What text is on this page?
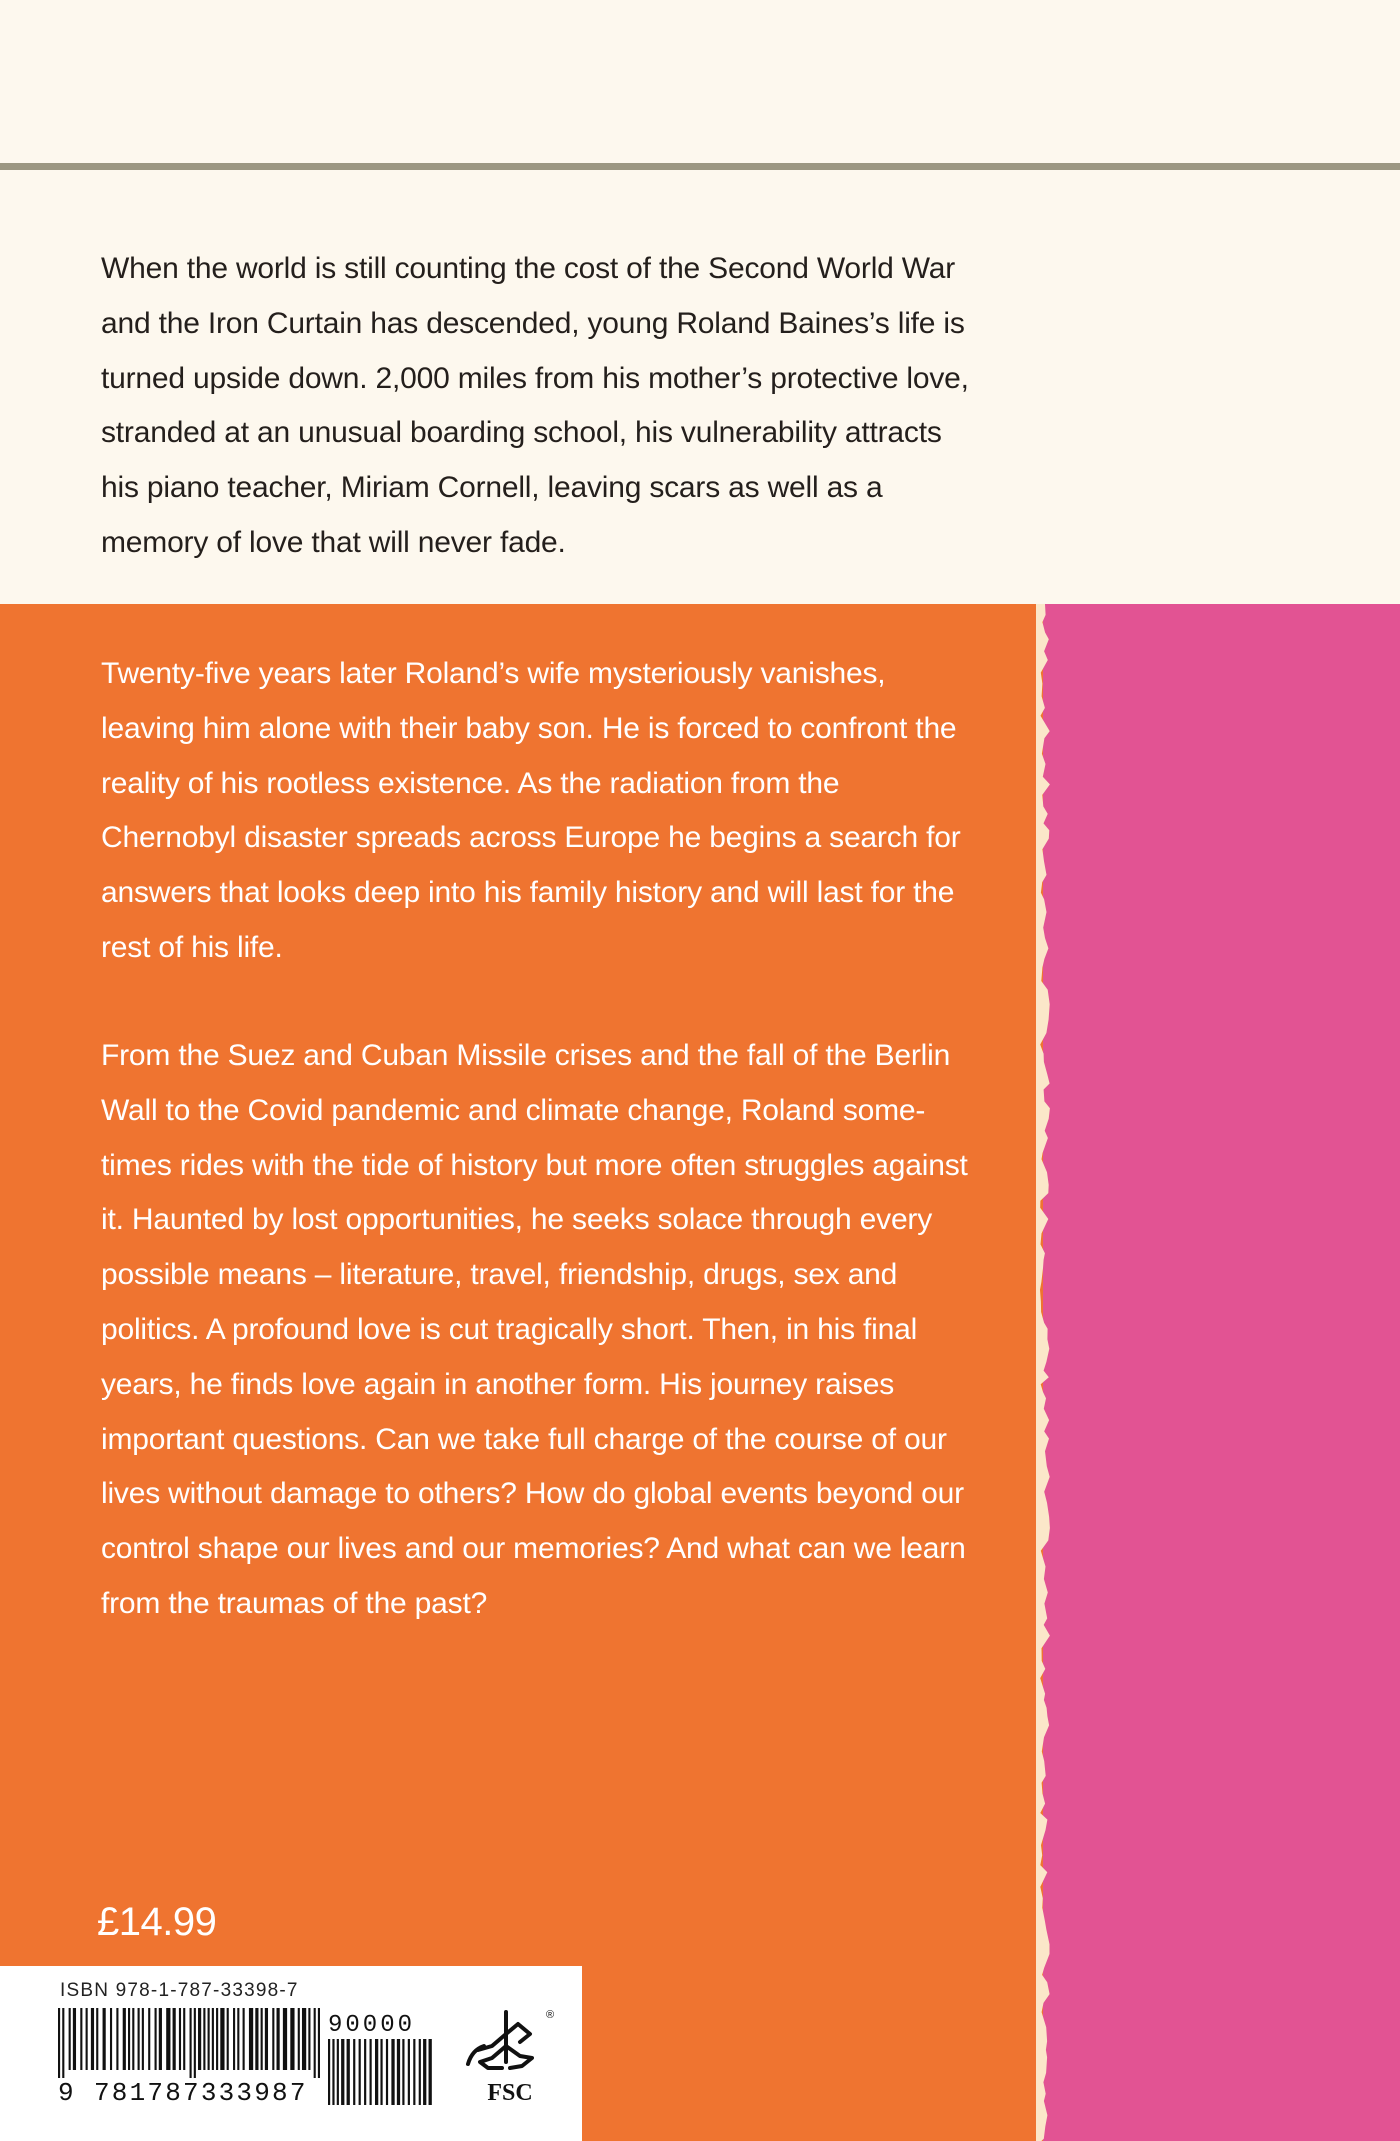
When the world is still counting the cost of the Second World War and the Iron Curtain has descended, young Roland Baines’s life is turned upside down. 2,000 miles from his mother’s protective love, stranded at an unusual boarding school, his vulnerability attracts his piano teacher, Miriam Cornell, leaving scars as well as a memory of love that will never fade.

Twenty-five years later Roland’s wife mysteriously vanishes, leaving him alone with their baby son. He is forced to confront the reality of his rootless existence. As the radiation from the Chernobyl disaster spreads across Europe he begins a search for answers that looks deep into his family history and will last for the rest of his life.

From the Suez and Cuban Missile crises and the fall of the Berlin Wall to the Covid pandemic and climate change, Roland some-times rides with the tide of history but more often struggles against it. Haunted by lost opportunities, he seeks solace through every possible means – literature, travel, friendship, drugs, sex and politics. A profound love is cut tragically short. Then, in his final years, he finds love again in another form. His journey raises important questions. Can we take full charge of the course of our lives without damage to others? How do global events beyond our control shape our lives and our memories? And what can we learn from the traumas of the past?

£14.99

ISBN 978-1-787-33398-7
9 781787333987
90000
FSC
®
